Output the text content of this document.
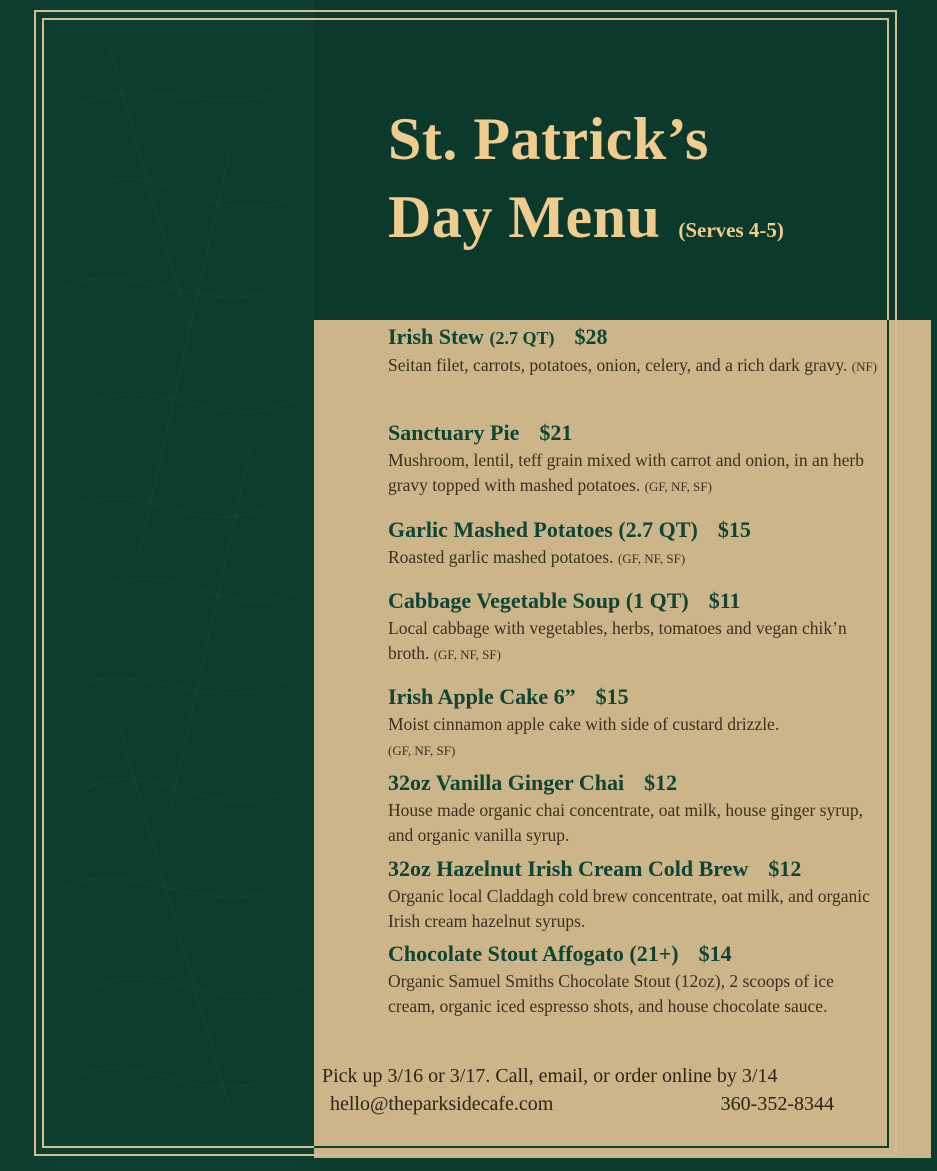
St. Patrick’s
Day Menu (Serves 4-5)
Irish Stew (2.7 QT) $28
Seitan filet, carrots, potatoes, onion, celery, and a rich dark gravy. (NF)
Sanctuary Pie $21
Mushroom, lentil, teff grain mixed with carrot and onion, in an herb gravy topped with mashed potatoes. (GF, NF, SF)
Garlic Mashed Potatoes (2.7 QT) $15
Roasted garlic mashed potatoes. (GF, NF, SF)
Cabbage Vegetable Soup (1 QT) $11
Local cabbage with vegetables, herbs, tomatoes and vegan chik’n broth. (GF, NF, SF)
Irish Apple Cake 6” $15
Moist cinnamon apple cake with side of custard drizzle.
(GF, NF, SF)
32oz Vanilla Ginger Chai $12
House made organic chai concentrate, oat milk, house ginger syrup, and organic vanilla syrup.
32oz Hazelnut Irish Cream Cold Brew $12
Organic local Claddagh cold brew concentrate, oat milk, and organic Irish cream hazelnut syrups.
Chocolate Stout Affogato (21+) $14
Organic Samuel Smiths Chocolate Stout (12oz), 2 scoops of ice cream, organic iced espresso shots, and house chocolate sauce.
Pick up 3/16 or 3/17. Call, email, or order online by 3/14
hello@theparksidecafe.com	360-352-8344
